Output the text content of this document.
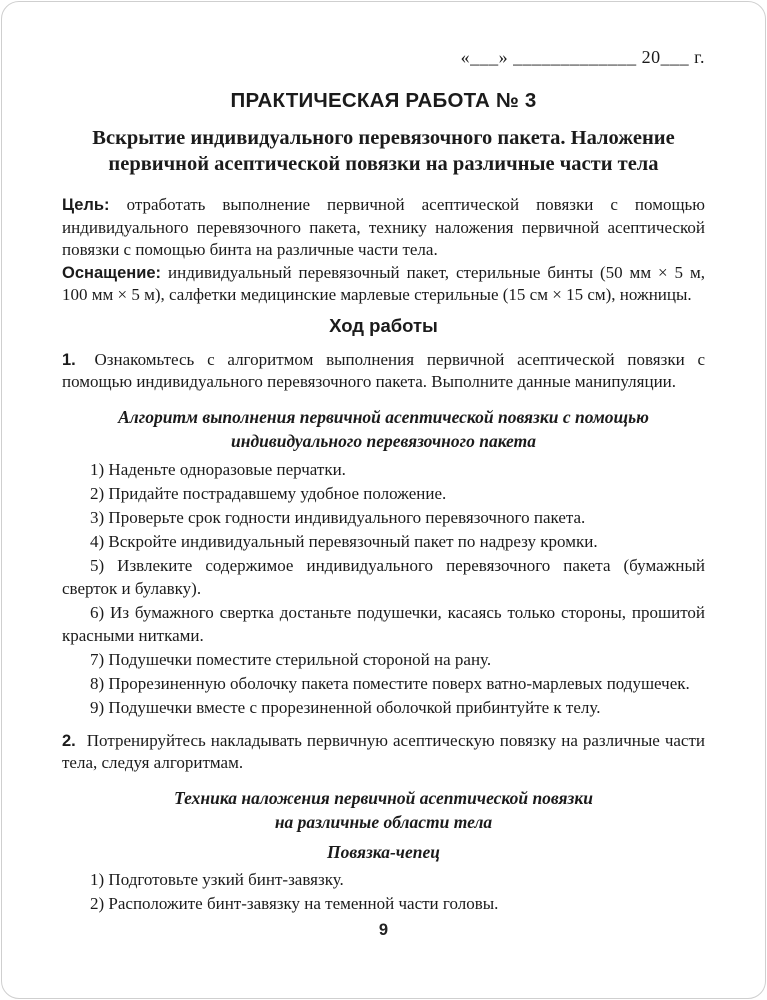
«___» _____________ 20___ г.
ПРАКТИЧЕСКАЯ РАБОТА № 3
Вскрытие индивидуального перевязочного пакета. Наложение
первичной асептической повязки на различные части тела

Цель: отработать выполнение первичной асептической повязки с помощью индивидуального перевязочного пакета, технику наложения первичной асептической повязки с помощью бинта на различные части тела.

Оснащение: индивидуальный перевязочный пакет, стерильные бинты (50 мм × 5 м, 100 мм × 5 м), салфетки медицинские марлевые стерильные (15 см × 15 см), ножницы.

Ход работы

1. Ознакомьтесь с алгоритмом выполнения первичной асептической повязки с помощью индивидуального перевязочного пакета. Выполните данные манипуляции.

Алгоритм выполнения первичной асептической повязки с помощью
индивидуального перевязочного пакета

1) Наденьте одноразовые перчатки.

2) Придайте пострадавшему удобное положение.

3) Проверьте срок годности индивидуального перевязочного пакета.

4) Вскройте индивидуальный перевязочный пакет по надрезу кромки.

5) Извлеките содержимое индивидуального перевязочного пакета (бумажный сверток и булавку).

6) Из бумажного свертка достаньте подушечки, касаясь только стороны, прошитой красными нитками.

7) Подушечки поместите стерильной стороной на рану.

8) Прорезиненную оболочку пакета поместите поверх ватно-марлевых подушечек.

9) Подушечки вместе с прорезиненной оболочкой прибинтуйте к телу.

2. Потренируйтесь накладывать первичную асептическую повязку на различные части тела, следуя алгоритмам.

Техника наложения первичной асептической повязки
на различные области тела
Повязка-чепец

1) Подготовьте узкий бинт-завязку.

2) Расположите бинт-завязку на теменной части головы.

9
